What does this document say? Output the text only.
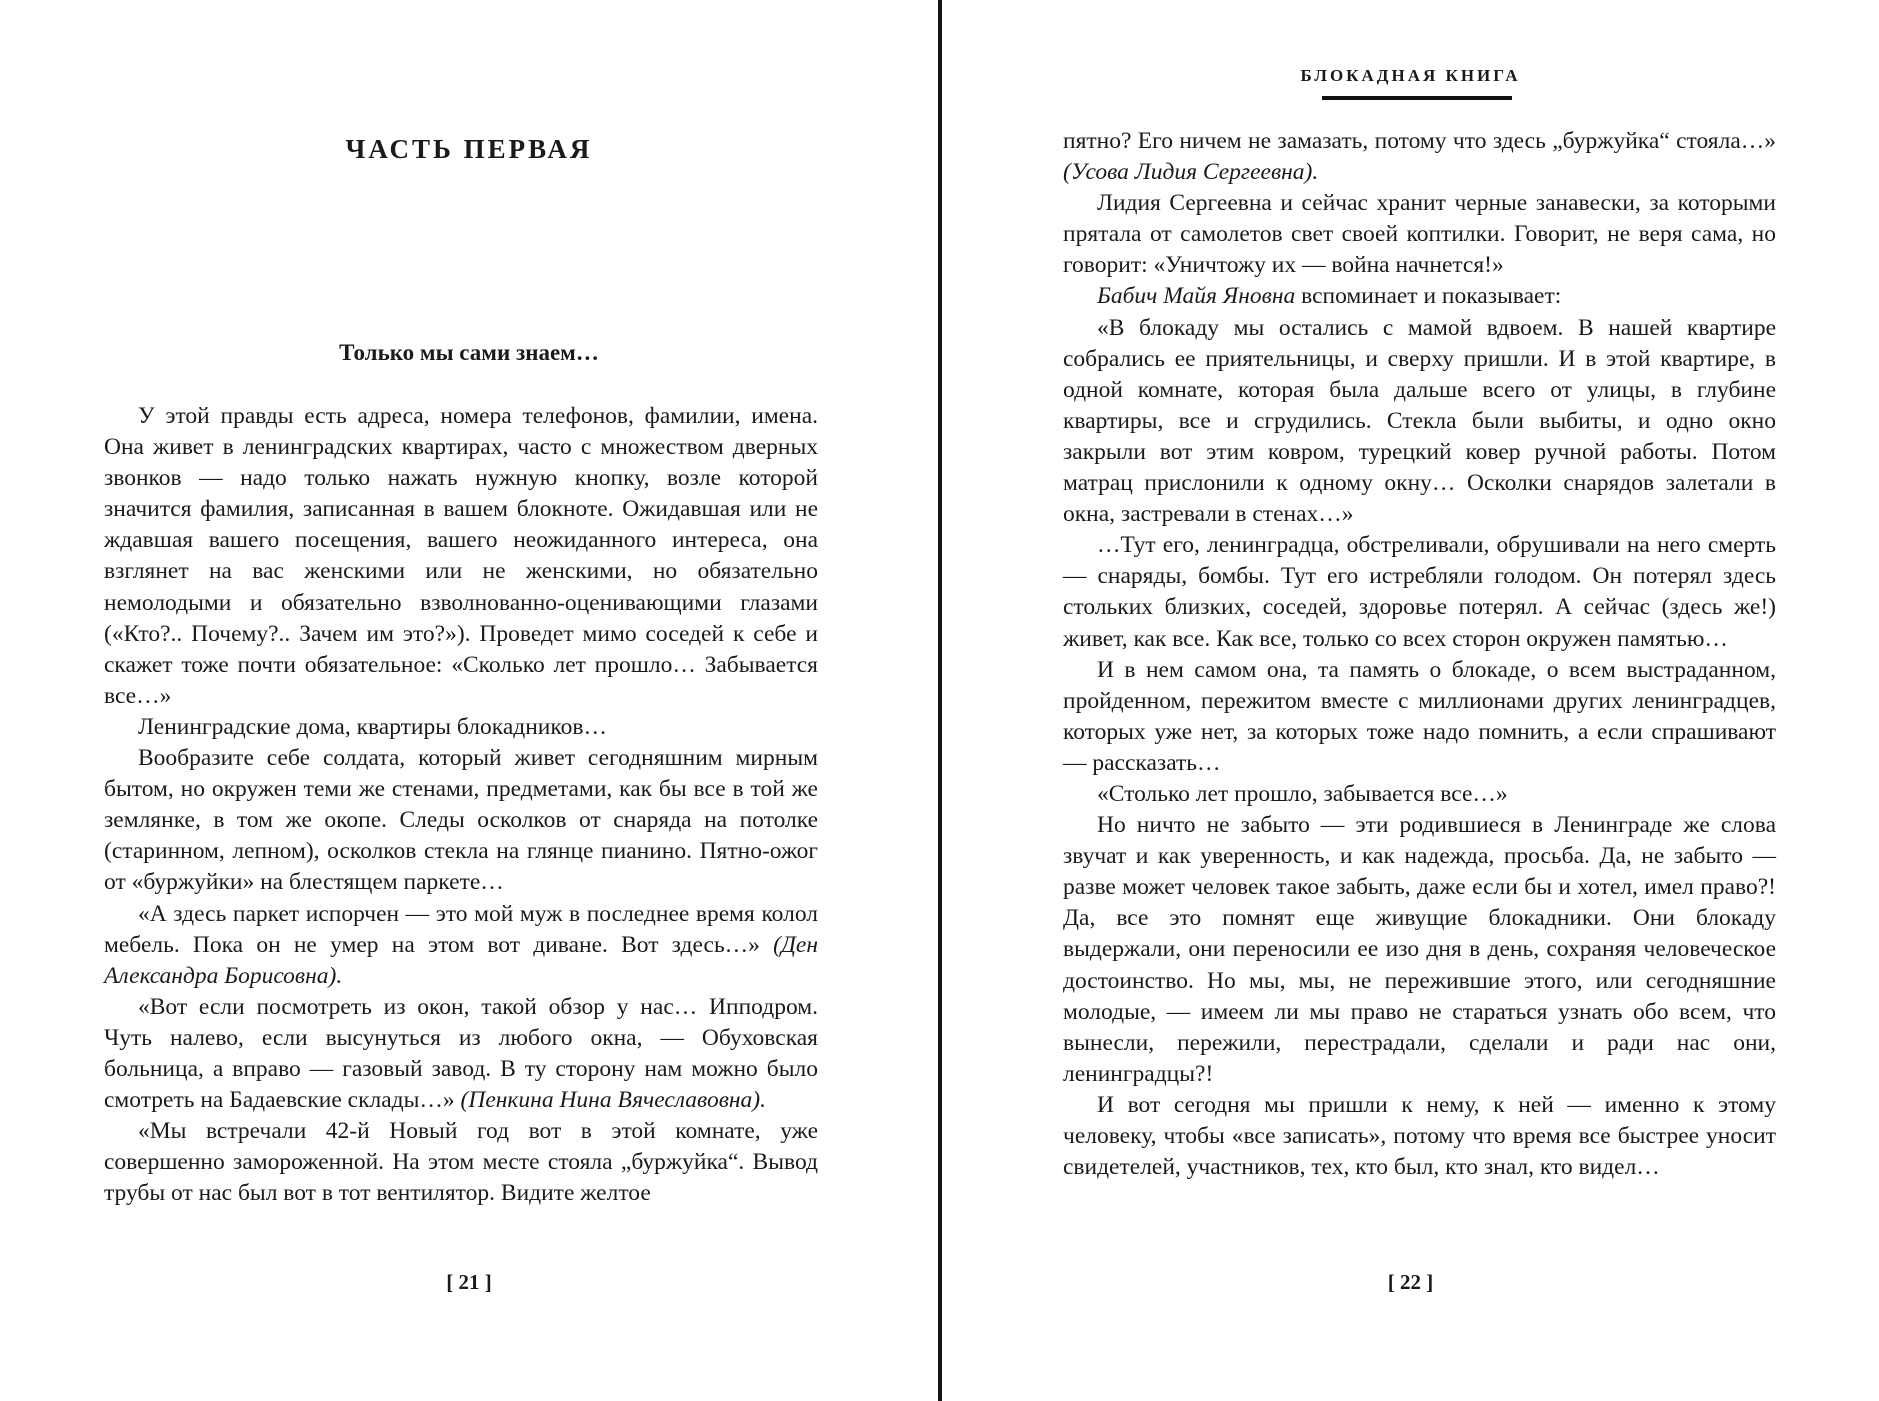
ЧАСТЬ ПЕРВАЯ
Только мы сами знаем…

У этой правды есть адреса, номера телефонов, фамилии, имена. Она живет в ленинградских квартирах, часто с множеством дверных звонков — надо только нажать нужную кнопку, возле которой значится фамилия, записанная в вашем блокноте. Ожидавшая или не ждавшая вашего посещения, вашего неожиданного интереса, она взглянет на вас женскими или не женскими, но обязательно немолодыми и обязательно взволнованно-оценивающими глазами («Кто?.. Почему?.. Зачем им это?»). Проведет мимо соседей к себе и скажет тоже почти обязательное: «Сколько лет прошло… Забывается все…»

Ленинградские дома, квартиры блокадников…

Вообразите себе солдата, который живет сегодняшним мирным бытом, но окружен теми же стенами, предметами, как бы все в той же землянке, в том же окопе. Следы осколков от снаряда на потолке (старинном, лепном), осколков стекла на глянце пианино. Пятно-ожог от «буржуйки» на блестящем паркете…

«А здесь паркет испорчен — это мой муж в последнее время колол мебель. Пока он не умер на этом вот диване. Вот здесь…» (Ден Александра Борисовна).

«Вот если посмотреть из окон, такой обзор у нас… Ипподром. Чуть налево, если высунуться из любого окна, — Обуховская больница, а вправо — газовый завод. В ту сторону нам можно было смотреть на Бадаевские склады…» (Пенкина Нина Вячеславовна).

«Мы встречали 42-й Новый год вот в этой комнате, уже совершенно замороженной. На этом месте стояла „буржуйка“. Вывод трубы от нас был вот в тот вентилятор. Видите желтое

[ 21 ]
БЛОКАДНАЯ КНИГА

пятно? Его ничем не замазать, потому что здесь „буржуйка“ стояла…» (Усова Лидия Сергеевна).

Лидия Сергеевна и сейчас хранит черные занавески, за которыми прятала от самолетов свет своей коптилки. Говорит, не веря сама, но говорит: «Уничтожу их — война начнется!»

Бабич Майя Яновна вспоминает и показывает:

«В блокаду мы остались с мамой вдвоем. В нашей квартире собрались ее приятельницы, и сверху пришли. И в этой квартире, в одной комнате, которая была дальше всего от улицы, в глубине квартиры, все и сгрудились. Стекла были выбиты, и одно окно закрыли вот этим ковром, турецкий ковер ручной работы. Потом матрац прислонили к одному окну… Осколки снарядов залетали в окна, застревали в стенах…»

…Тут его, ленинградца, обстреливали, обрушивали на него смерть — снаряды, бомбы. Тут его истребляли голодом. Он потерял здесь стольких близких, соседей, здоровье потерял. А сейчас (здесь же!) живет, как все. Как все, только со всех сторон окружен памятью…

И в нем самом она, та память о блокаде, о всем выстраданном, пройденном, пережитом вместе с миллионами других ленинградцев, которых уже нет, за которых тоже надо помнить, а если спрашивают — рассказать…

«Столько лет прошло, забывается все…»

Но ничто не забыто — эти родившиеся в Ленинграде же слова звучат и как уверенность, и как надежда, просьба. Да, не забыто — разве может человек такое забыть, даже если бы и хотел, имел право?! Да, все это помнят еще живущие блокадники. Они блокаду выдержали, они переносили ее изо дня в день, сохраняя человеческое достоинство. Но мы, мы, не пережившие этого, или сегодняшние молодые, — имеем ли мы право не стараться узнать обо всем, что вынесли, пережили, перестрадали, сделали и ради нас они, ленинградцы?!

И вот сегодня мы пришли к нему, к ней — именно к этому человеку, чтобы «все записать», потому что время все быстрее уносит свидетелей, участников, тех, кто был, кто знал, кто видел…

[ 22 ]
